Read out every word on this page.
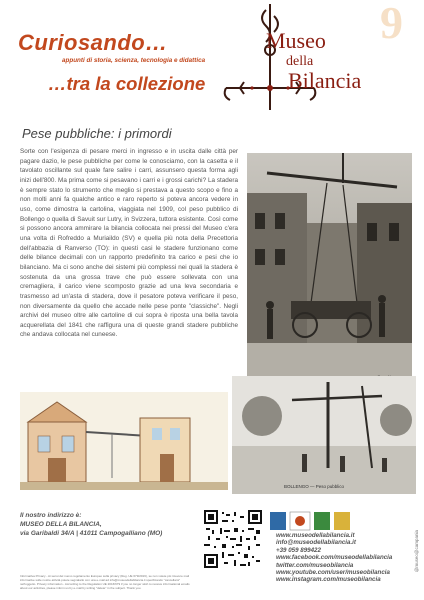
9
Curiosando…
appunti di storia, scienza, tecnologia e didattica
…tra la collezione
Museo
della
Bilancia
Pese pubbliche: i primordi
Sorte con l'esigenza di pesare merci in ingresso e in uscita dalle città per pagare dazio, le pese pubbliche per come le conosciamo, con la casetta e il tavolato oscillante sul quale fare salire i carri, assunsero questa forma agli inizi dell'800. Ma prima come si pesavano i carri e i grossi carichi? La stadera è sempre stato lo strumento che meglio si prestava a questo scopo e fino a non molti anni fa qualche antico e raro reperto si poteva ancora vedere in uso, come dimostra la cartolina, viaggiata nel 1909, col peso pubblico di Bollengo o quella di Savuit sur Lutry, in Svizzera, tuttora esistente. Così come si possono ancora ammirare la bilancia collocata nei pressi del Museo c'era una volta di Rofreddo a Muriaildo (SV) e quella più nota della Precettoria dell'abbazia di Ranverso (TO): in questi casi le stadere funzionano come delle bilance decimali con un rapporto predefinito tra carico e pesi che io bilanciano. Ma ci sono anche dei sistemi più complessi nei quali la stadera è sostenuta da una grossa trave che può essere sollevata con una cremagliera, il carico viene scomposto grazie ad una leva secondaria e trasmesso ad un'asta di stadera, dove il pesatore poteva verificare il peso, non diversamente da quello che accade nelle pese ponte "classiche". Negli archivi del museo oltre alle cartoline di cui sopra è riposta una bella tavola acquerellata del 1841 che raffigura una di queste grandi stadere pubbliche che andava collocata nel cuneese.
BOLLENGO — Peso pubblico
Il nostro indirizzo è:
MUSEO DELLA BILANCIA,
via Garibaldi 34/A | 41011 Campogalliano (MO)
Informativa Privacy - Ai sensi del nuovo regolamento Europeo sulla privacy (Reg. UE 679/2016), se non volete più ricevere mail informative sulle nostre attività potete segnalarlo con una e-mail ad info@museodellabilancia.it specificando "cancellami" nell'oggetto. Privacy information - According to the Regulation UE 2016/679 if you no longer wish to receive informational emails about our activities, please inform us by e-mail by writing "delete" in the subject. Thank you.
www.museodellabilancia.it
info@museodellabilancia.it
+39 059 899422
www.facebook.com/museodellabilancia
twitter.com/museobilancia
www.youtube.com/user/museobilancia
www.instagram.com/museobilancia
@museo@campania
